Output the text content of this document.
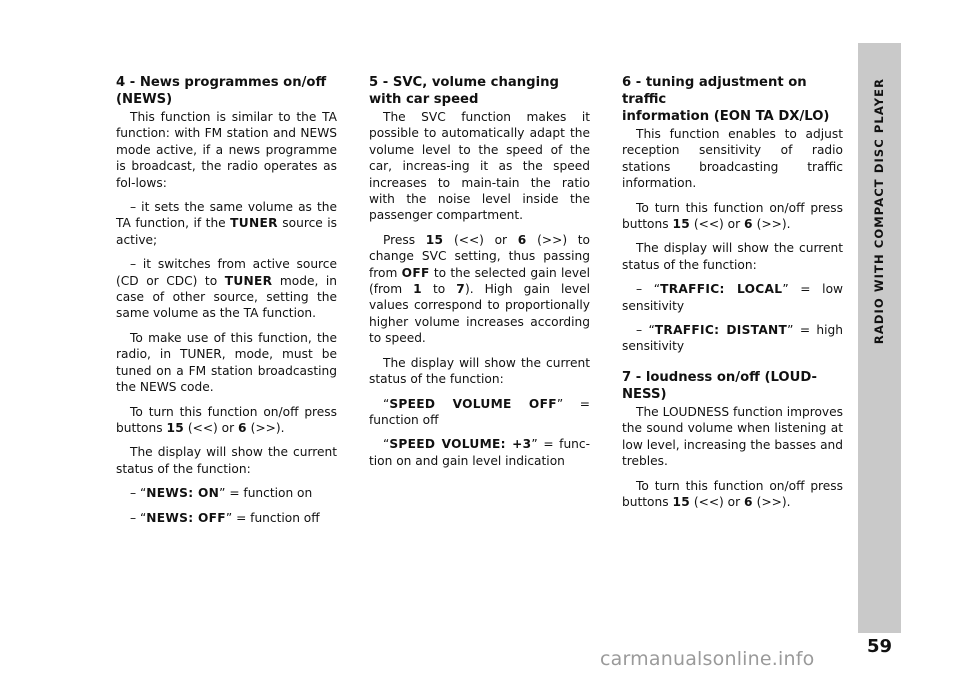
4 - News programmes on/off
(NEWS)

This function is similar to the TA function: with FM station and NEWS mode active, if a news programme is broadcast, the radio operates as fol-lows:

– it sets the same volume as the TA function, if the TUNER source is active;

– it switches from active source (CD or CDC) to TUNER mode, in case of other source, setting the same volume as the TA function.

To make use of this function, the radio, in TUNER, mode, must be tuned on a FM station broadcasting the NEWS code.

To turn this function on/off press buttons 15 (<<) or 6 (>>).

The display will show the current status of the function:

– “NEWS: ON” = function on

– “NEWS: OFF” = function off

5 - SVC, volume changing
with car speed

The SVC function makes it possible to automatically adapt the volume level to the speed of the car, increas-ing it as the speed increases to main-tain the ratio with the noise level inside the passenger compartment.

Press 15 (<<) or 6 (>>) to change SVC setting, thus passing from OFF to the selected gain level (from 1 to 7). High gain level values correspond to proportionally higher volume increases according to speed.

The display will show the current status of the function:

“SPEED VOLUME OFF” = function off

“SPEED VOLUME: +3” = func-tion on and gain level indication

6 - tuning adjustment on traffic
information (EON TA DX/LO)

This function enables to adjust reception sensitivity of radio stations broadcasting traffic information.

To turn this function on/off press buttons 15 (<<) or 6 (>>).

The display will show the current status of the function:

– “TRAFFIC: LOCAL” = low sensitivity

– “TRAFFIC: DISTANT” = high sensitivity

7 - loudness on/off (LOUD-
NESS)

The LOUDNESS function improves the sound volume when listening at low level, increasing the basses and trebles.

To turn this function on/off press buttons 15 (<<) or 6 (>>).

RADIO WITH COMPACT DISC PLAYER
59
carmanualsonline.info
